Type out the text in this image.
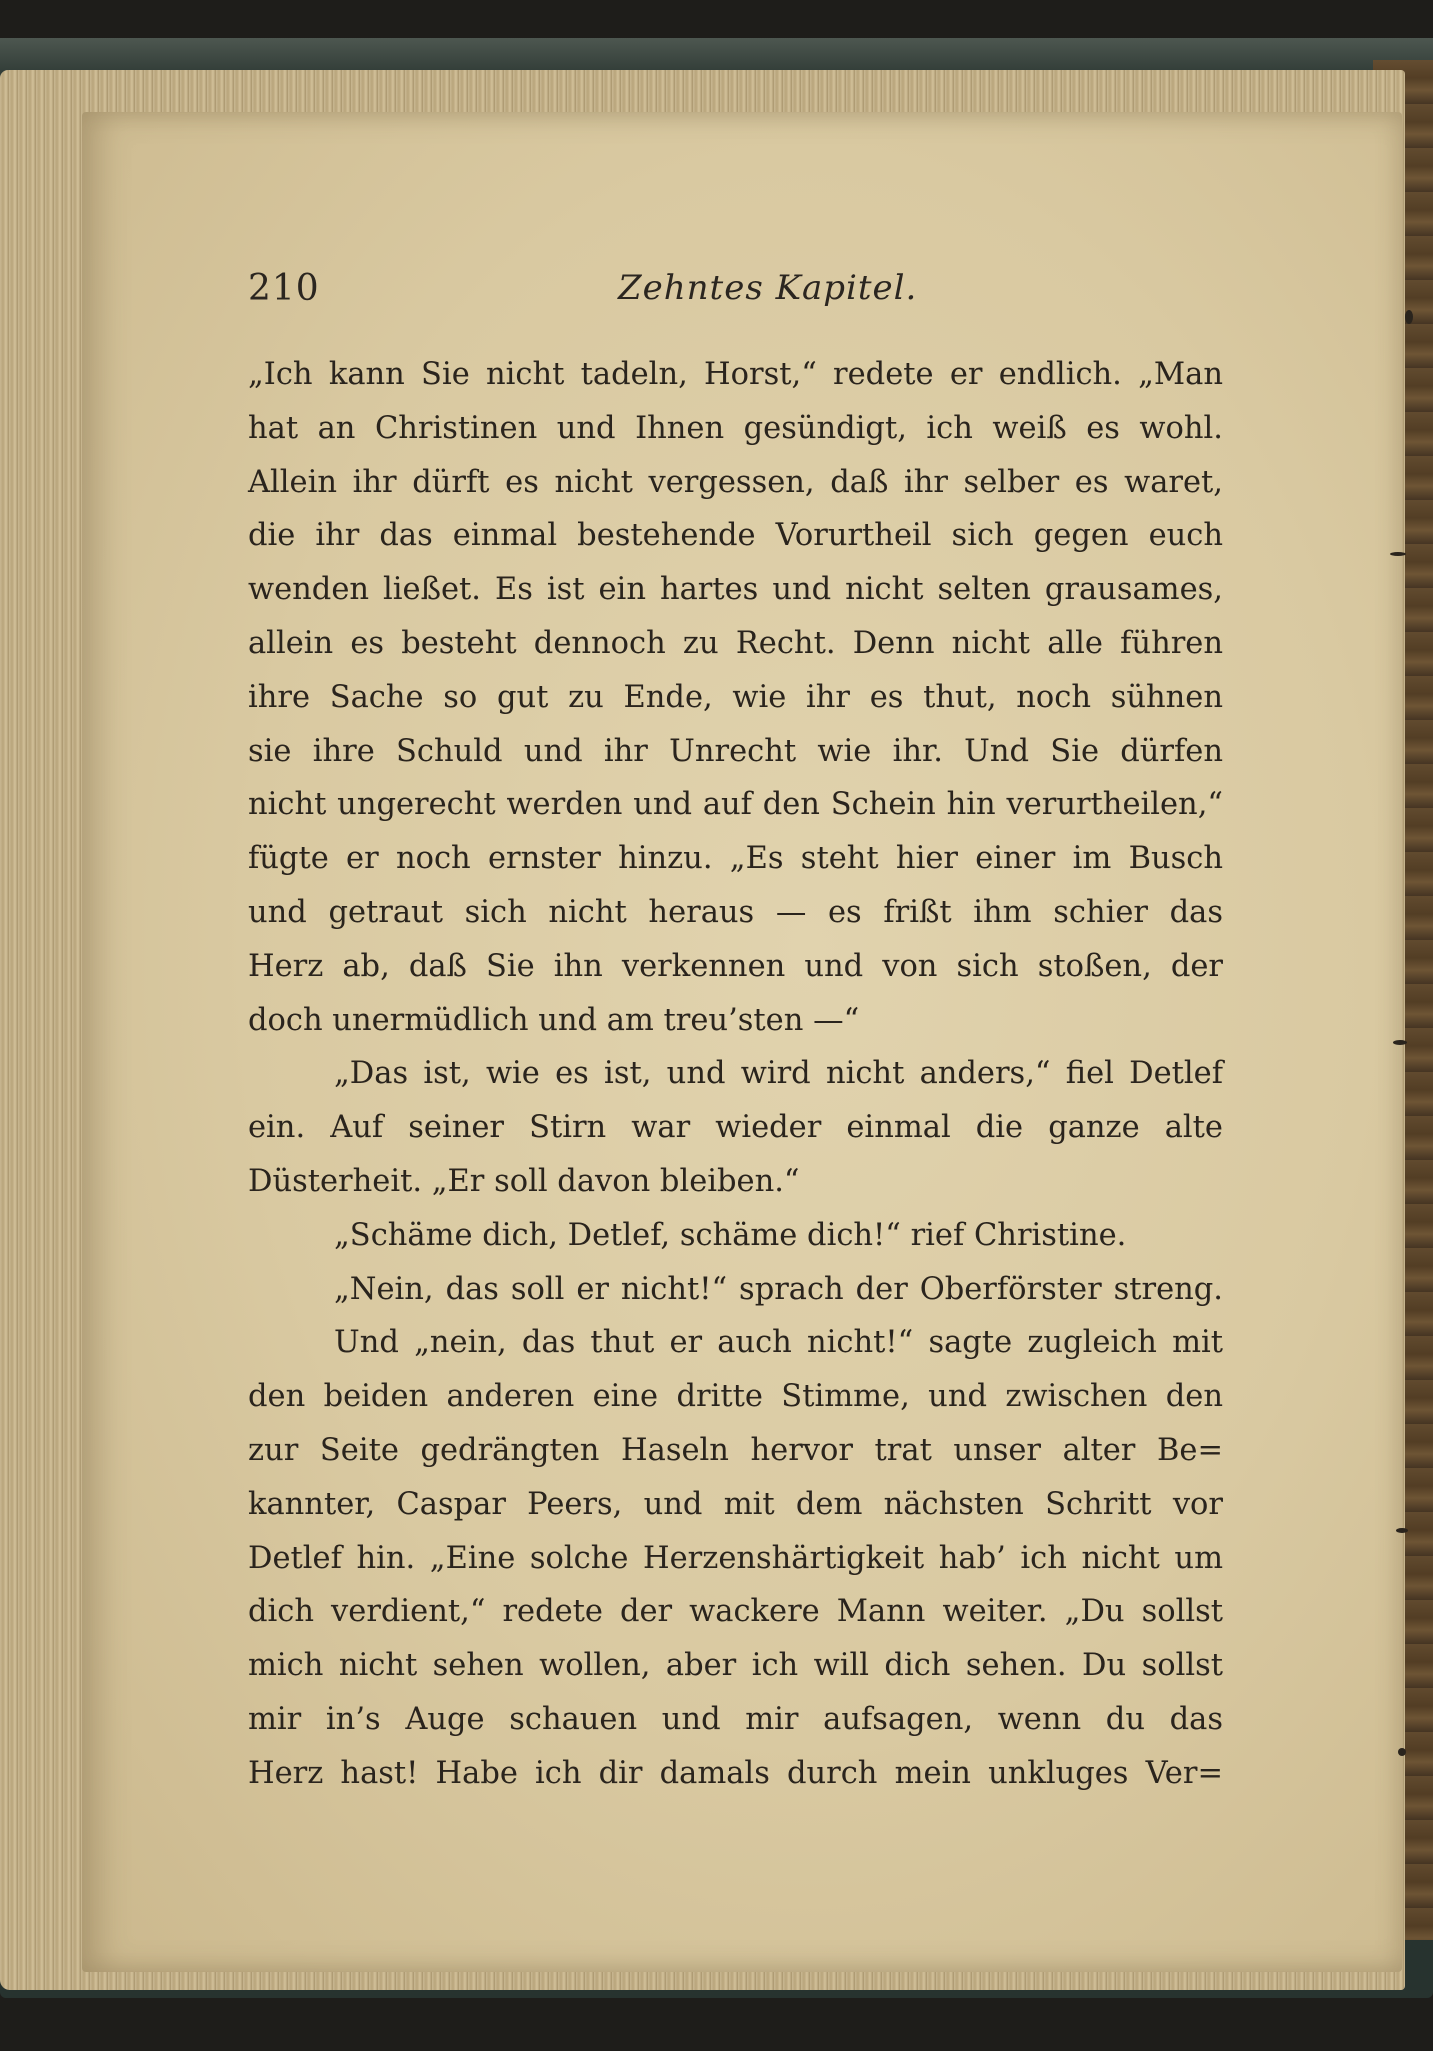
210	Zehntes Kapitel.
„Ich kann Sie nicht tadeln, Horst,“ redete er endlich. „Man
hat an Christinen und Ihnen gesündigt, ich weiß es wohl.
Allein ihr dürft es nicht vergessen, daß ihr selber es waret,
die ihr das einmal bestehende Vorurtheil sich gegen euch
wenden ließet. Es ist ein hartes und nicht selten grausames,
allein es besteht dennoch zu Recht. Denn nicht alle führen
ihre Sache so gut zu Ende, wie ihr es thut, noch sühnen
sie ihre Schuld und ihr Unrecht wie ihr. Und Sie dürfen
nicht ungerecht werden und auf den Schein hin verurtheilen,“
fügte er noch ernster hinzu. „Es steht hier einer im Busch
und getraut sich nicht heraus — es frißt ihm schier das
Herz ab, daß Sie ihn verkennen und von sich stoßen, der
doch unermüdlich und am treu’sten —“
„Das ist, wie es ist, und wird nicht anders,“ fiel Detlef
ein. Auf seiner Stirn war wieder einmal die ganze alte
Düsterheit. „Er soll davon bleiben.“
„Schäme dich, Detlef, schäme dich!“ rief Christine.
„Nein, das soll er nicht!“ sprach der Oberförster streng.
Und „nein, das thut er auch nicht!“ sagte zugleich mit
den beiden anderen eine dritte Stimme, und zwischen den
zur Seite gedrängten Haseln hervor trat unser alter Be=
kannter, Caspar Peers, und mit dem nächsten Schritt vor
Detlef hin. „Eine solche Herzenshärtigkeit hab’ ich nicht um
dich verdient,“ redete der wackere Mann weiter. „Du sollst
mich nicht sehen wollen, aber ich will dich sehen. Du sollst
mir in’s Auge schauen und mir aufsagen, wenn du das
Herz hast! Habe ich dir damals durch mein unkluges Ver=
